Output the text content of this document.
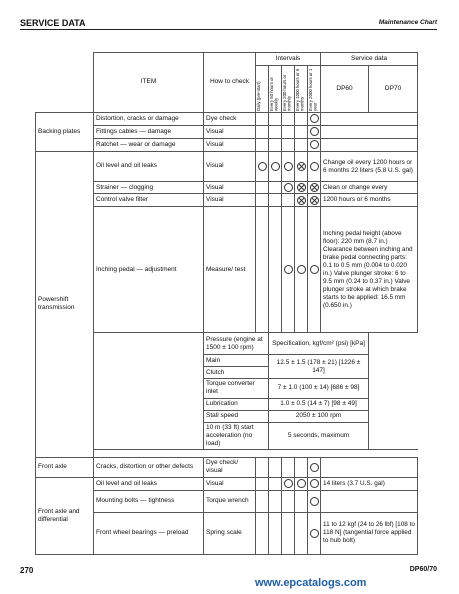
SERVICE DATA	Maintenance Chart
	ITEM	How to check	Intervals					Service data	

			Daily (pre-start)	Every 50 hours or weekly	Every 200 hours or monthly	Every 1000 hours or 6 months	Every 2000 hours or 1 year	DP60	DP70
Backing plates	Distortion, cracks or damage	Dye check							
	Fittings cables — damage	Visual							
	Ratchet — wear or damage	Visual							
Powershift transmission	Oil level and oil leaks	Visual						Change oil every 1200 hours or 6 months 22 liters (5.8 U.S. gal)	
	Strainer — clogging	Visual						Clean or change every	
	Control valve filter	Visual						1200 hours or 6 months	
	Inching pedal — adjustment	Measure/ test						Inching pedal height (above floor): 220 mm (8.7 in.) Clearance between inching and brake pedal connecting parts: 0.1 to 0.5 mm (0.004 to 0.020 in.) Valve plunger stroke: 6 to 9.5 mm (0.24 to 0.37 in.) Valve plunger stroke at which brake starts to be applied: 16.5 mm (0.650 in.)	
		Pressure (engine at 1500 ± 100 rpm)		Specification, kgf/cm² (psi) [kPa]					
		Main		12.5 ± 1.5 (178 ± 21) [1226 ± 147]					
		Clutch							
		Torque converter inlet		7 ± 1.0 (100 ± 14) [686 ± 98]					
		Lubrication		1.0 ± 0.5 (14 ± 7) [98 ± 49]					
		Stall speed		2050 ± 100 rpm					
		10 m (33 ft) start acceleration (no load)		5 seconds, maximum					

Front axle	Cracks, distortion or other defects	Dye check/ visual							
Front axle and differential	Oil level and oil leaks	Visual						14 liters (3.7 U.S. gal)	
	Mounting bolts — tightness	Torque wrench							
	Front wheel bearings — preload	Spring scale						11 to 12 kgf (24 to 26 lbf) [108 to 118 N] (tangential force applied to hub bolt)	
270	DP60/70
www.epcatalogs.com
